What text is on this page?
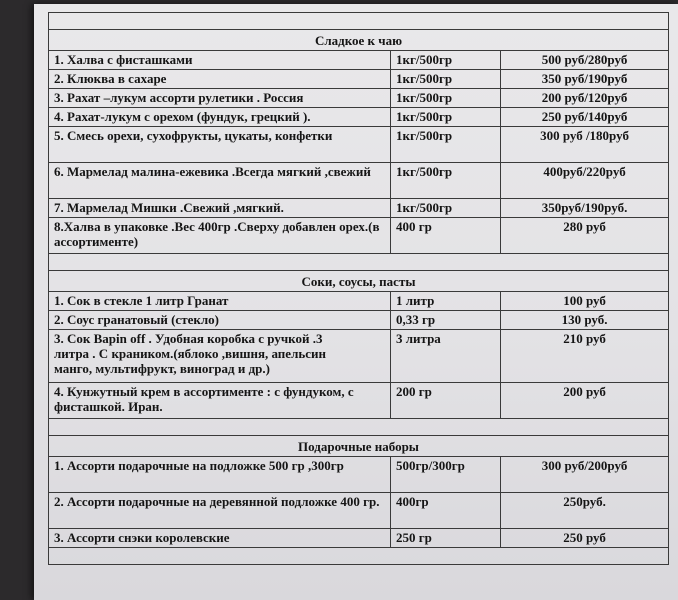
Сладкое к чаю		
1. Халва с фисташками	1кг/500гр	500 руб/280руб
2. Клюква в сахаре	1кг/500гр	350 руб/190руб
3. Рахат –лукум ассорти рулетики . Россия	1кг/500гр	200 руб/120руб
4. Рахат-лукум с орехом (фундук, грецкий ).	1кг/500гр	250 руб/140руб
5. Смесь орехи, сухофрукты, цукаты, конфетки	1кг/500гр	300 руб /180руб
6. Мармелад малина-ежевика .Всегда мягкий ,свежий	1кг/500гр	400руб/220руб
7. Мармелад Мишки .Свежий ,мягкий.	1кг/500гр	350руб/190руб.
8.Халва в упаковке .Вес 400гр .Сверху добавлен орех.(в ассортименте)	400 гр	280 руб

Соки, соусы, пасты		
1. Сок в стекле 1 литр Гранат	1 литр	100 руб
2. Соус гранатовый (стекло)	0,33 гр	130 руб.

3. Сок Bapin off . Удобная коробка с ручкой .3
литра . С краником.(яблоко ,вишня, апельсин
манго, мультифрукт, виноград и др.)	3 литра	210 руб
4. Кунжутный крем в ассортименте : с фундуком, с фисташкой. Иран.	200 гр	200 руб

Подарочные наборы		
1. Ассорти подарочные на подложке 500 гр ,300гр	500гр/300гр	300 руб/200руб
2. Ассорти подарочные на деревянной подложке 400 гр.	400гр	250руб.
3. Ассорти снэки королевские	250 гр	250 руб
